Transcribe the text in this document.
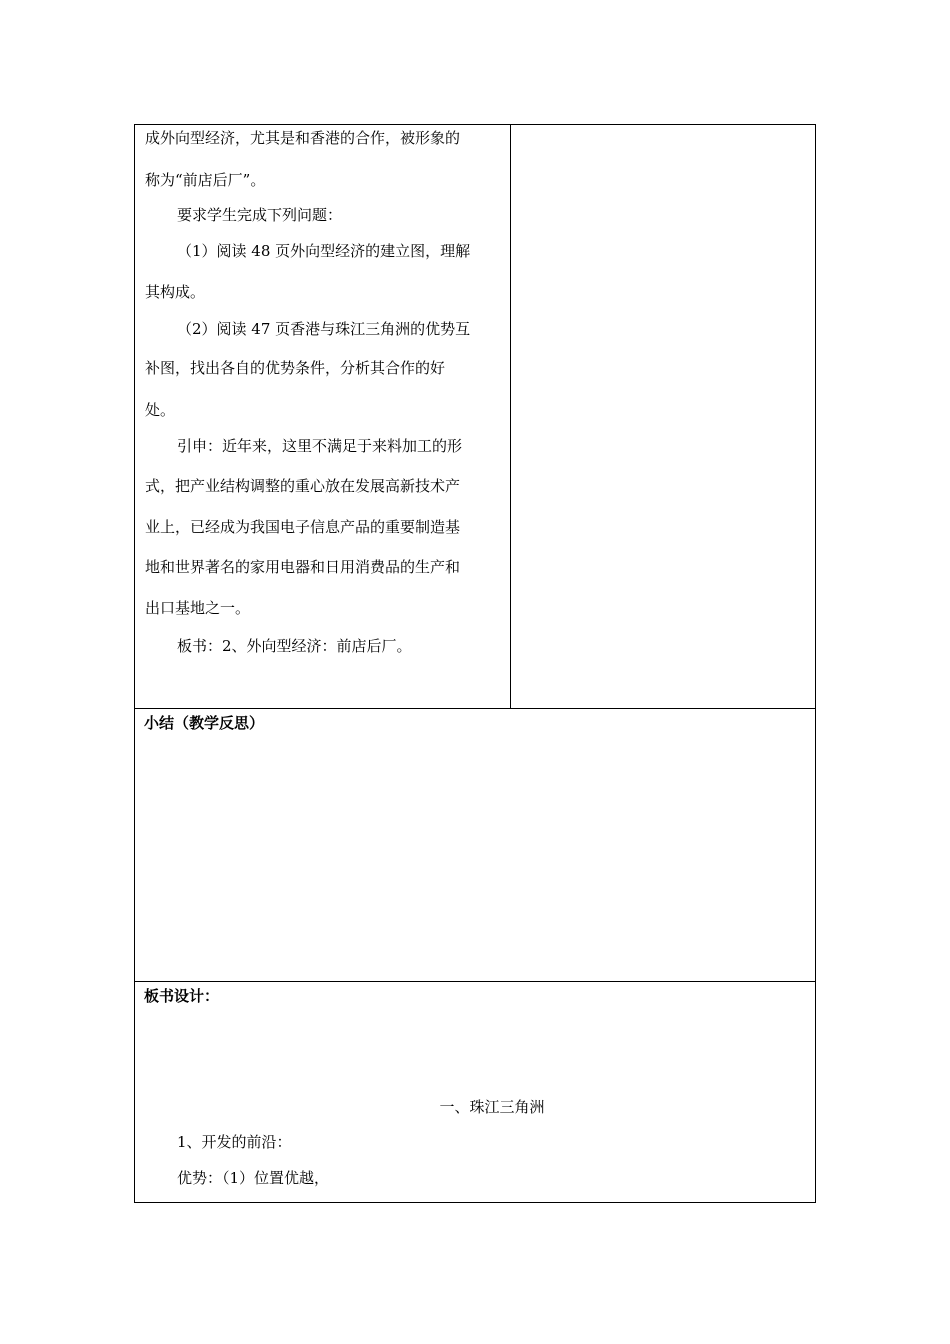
成外向型经济，尤其是和香港的合作，被形象的
称为“前店后厂”。
要求学生完成下列问题：
（1）阅读 48 页外向型经济的建立图，理解
其构成。
（2）阅读 47 页香港与珠江三角洲的优势互
补图，找出各自的优势条件，分析其合作的好
处。
引申：近年来，这里不满足于来料加工的形
式，把产业结构调整的重心放在发展高新技术产
业上，已经成为我国电子信息产品的重要制造基
地和世界著名的家用电器和日用消费品的生产和
出口基地之一。
板书：2、外向型经济：前店后厂。
小结（教学反思）
板书设计：
一、珠江三角洲
1、开发的前沿：
优势：（1）位置优越，
